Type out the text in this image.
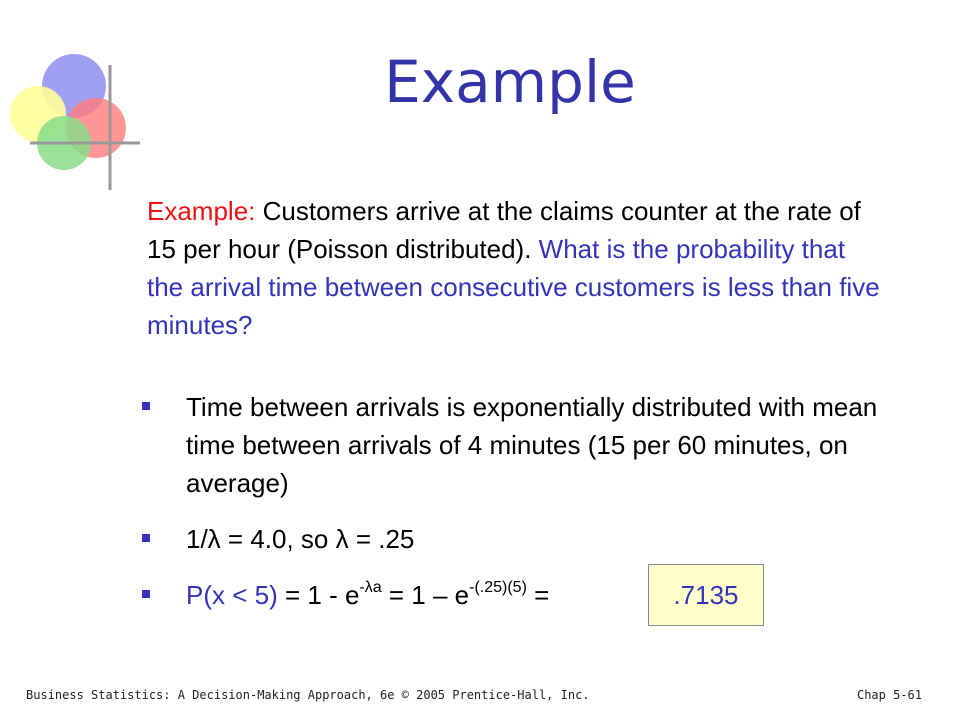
Example
Example: Customers arrive at the claims counter at the rate of 15 per hour (Poisson distributed). What is the probability that the arrival time between consecutive customers is less than five minutes?
Time between arrivals is exponentially distributed with mean time between arrivals of 4 minutes (15 per 60 minutes, on average)
1/λ = 4.0, so λ = .25
$P(x < 5) = 1 - e^{-\lambda a} = 1 - e^{-(.25)(5)}$ =	.7135
Business Statistics: A Decision-Making Approach, 6e © 2005 Prentice-Hall, Inc.	Chap 5-61
